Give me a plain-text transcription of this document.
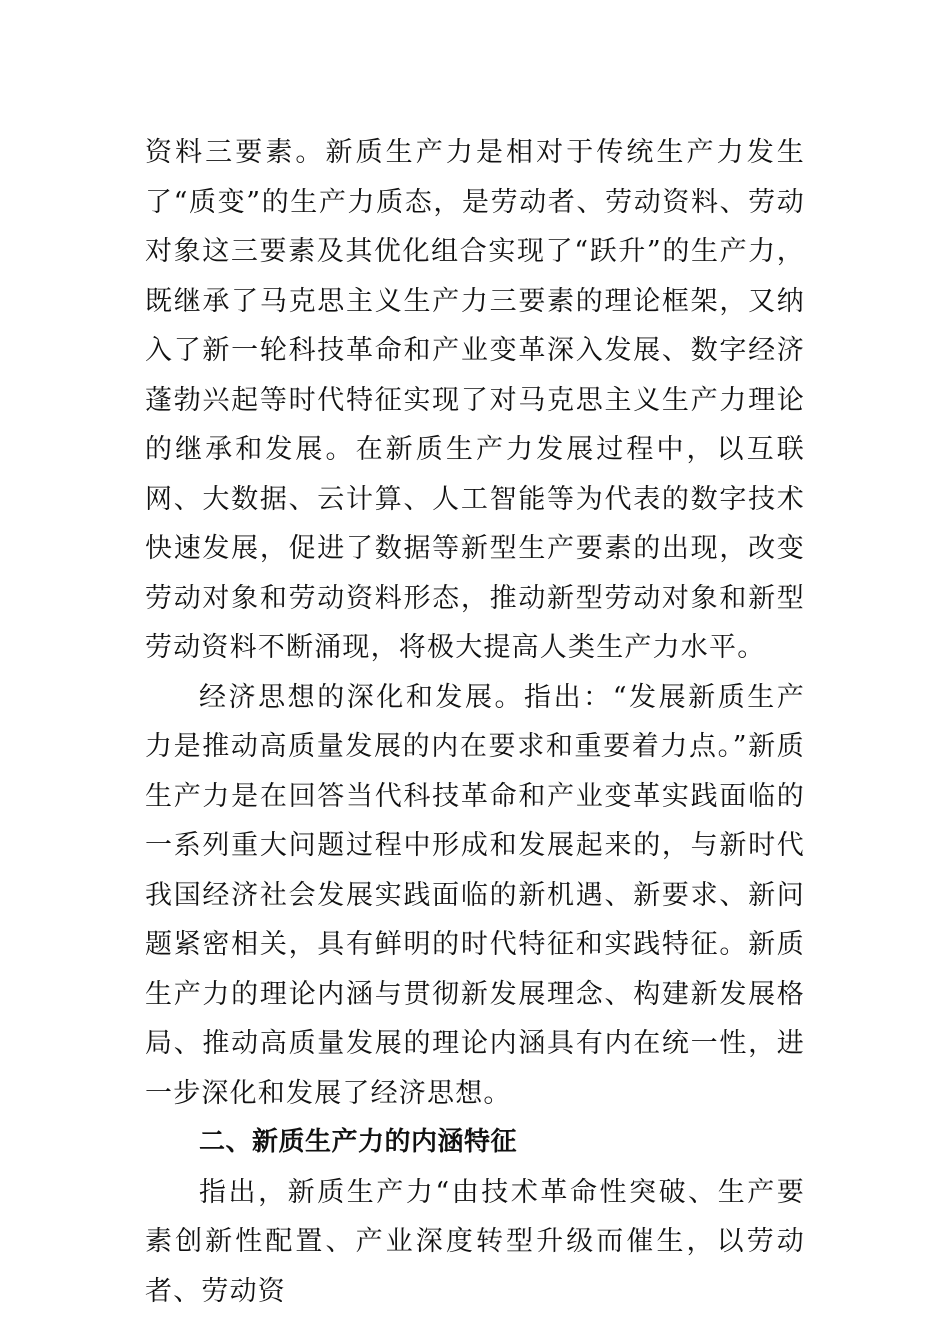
资料三要素。新质生产力是相对于传统生产力发生了“质变”的生产力质态，是劳动者、劳动资料、劳动对象这三要素及其优化组合实现了“跃升”的生产力，既继承了马克思主义生产力三要素的理论框架，又纳入了新一轮科技革命和产业变革深入发展、数字经济蓬勃兴起等时代特征实现了对马克思主义生产力理论的继承和发展。在新质生产力发展过程中，以互联网、大数据、云计算、人工智能等为代表的数字技术快速发展，促进了数据等新型生产要素的出现，改变劳动对象和劳动资料形态，推动新型劳动对象和新型劳动资料不断涌现，将极大提高人类生产力水平。

经济思想的深化和发展。指出：“发展新质生产力是推动高质量发展的内在要求和重要着力点。”新质生产力是在回答当代科技革命和产业变革实践面临的一系列重大问题过程中形成和发展起来的，与新时代我国经济社会发展实践面临的新机遇、新要求、新问题紧密相关，具有鲜明的时代特征和实践特征。新质生产力的理论内涵与贯彻新发展理念、构建新发展格局、推动高质量发展的理论内涵具有内在统一性，进一步深化和发展了经济思想。

二、新质生产力的内涵特征

指出，新质生产力“由技术革命性突破、生产要素创新性配置、产业深度转型升级而催生，以劳动者、劳动资
